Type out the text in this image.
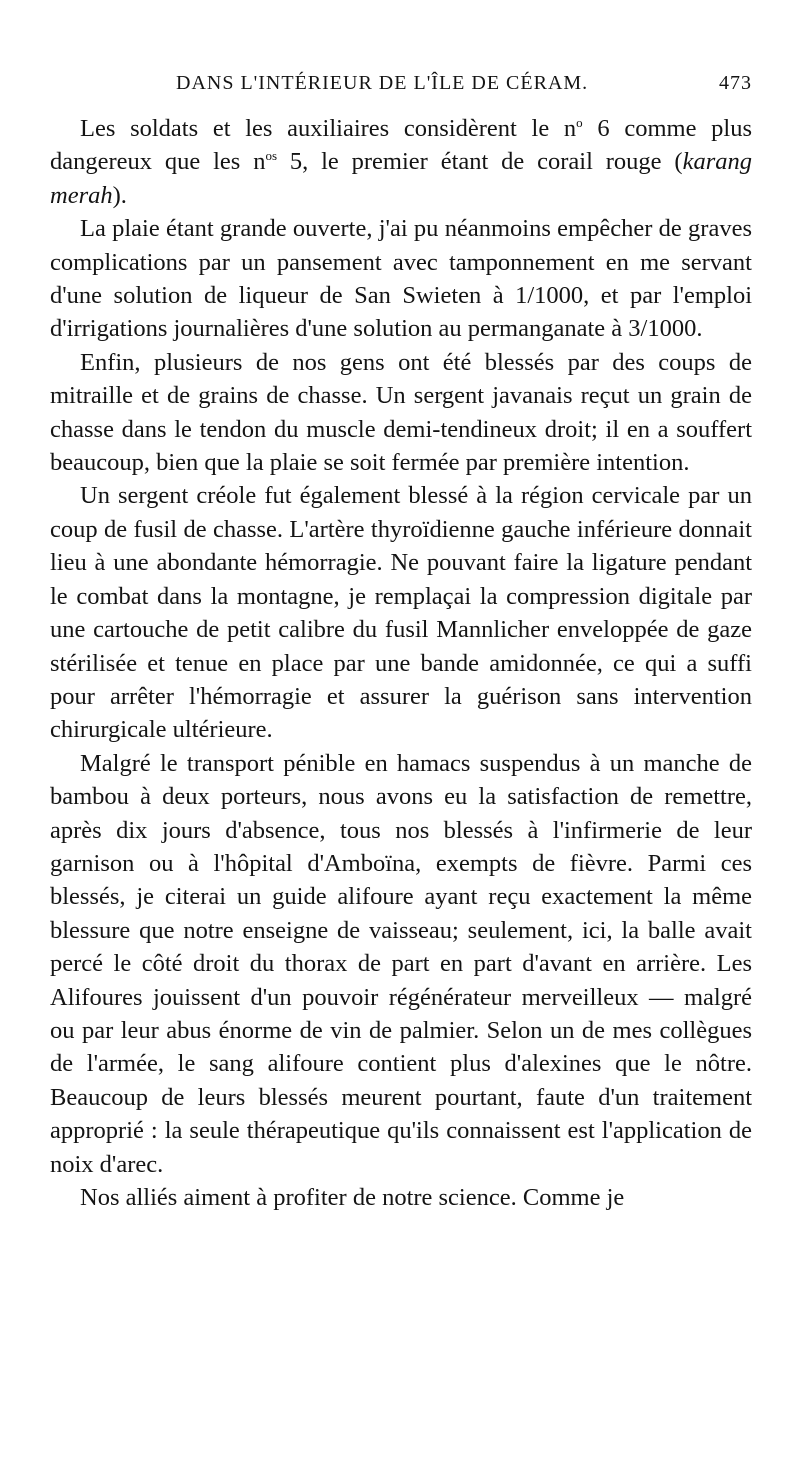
DANS L'INTÉRIEUR DE L'ÎLE DE CÉRAM.	473

Les soldats et les auxiliaires considèrent le $n^o$ 6 comme plus dangereux que les $n^{os}$ 5, le premier étant de corail rouge (karang merah).

La plaie étant grande ouverte, j'ai pu néanmoins empêcher de graves complications par un pansement avec tamponnement en me servant d'une solution de liqueur de San Swieten à 1/1000, et par l'emploi d'irrigations journalières d'une solution au permanganate à 3/1000.

Enfin, plusieurs de nos gens ont été blessés par des coups de mitraille et de grains de chasse. Un sergent javanais reçut un grain de chasse dans le tendon du muscle demi-tendineux droit; il en a souffert beaucoup, bien que la plaie se soit fermée par première intention.

Un sergent créole fut également blessé à la région cervicale par un coup de fusil de chasse. L'artère thyroïdienne gauche inférieure donnait lieu à une abondante hémorragie. Ne pouvant faire la ligature pendant le combat dans la montagne, je remplaçai la compression digitale par une cartouche de petit calibre du fusil Mannlicher enveloppée de gaze stérilisée et tenue en place par une bande amidonnée, ce qui a suffi pour arrêter l'hémorragie et assurer la guérison sans intervention chirurgicale ultérieure.

Malgré le transport pénible en hamacs suspendus à un manche de bambou à deux porteurs, nous avons eu la satisfaction de remettre, après dix jours d'absence, tous nos blessés à l'infirmerie de leur garnison ou à l'hôpital d'Amboïna, exempts de fièvre. Parmi ces blessés, je citerai un guide alifoure ayant reçu exactement la même blessure que notre enseigne de vaisseau; seulement, ici, la balle avait percé le côté droit du thorax de part en part d'avant en arrière. Les Alifoures jouissent d'un pouvoir régénérateur merveilleux — malgré ou par leur abus énorme de vin de palmier. Selon un de mes collègues de l'armée, le sang alifoure contient plus d'alexines que le nôtre. Beaucoup de leurs blessés meurent pourtant, faute d'un traitement approprié : la seule thérapeutique qu'ils connaissent est l'application de noix d'arec.

Nos alliés aiment à profiter de notre science. Comme je
